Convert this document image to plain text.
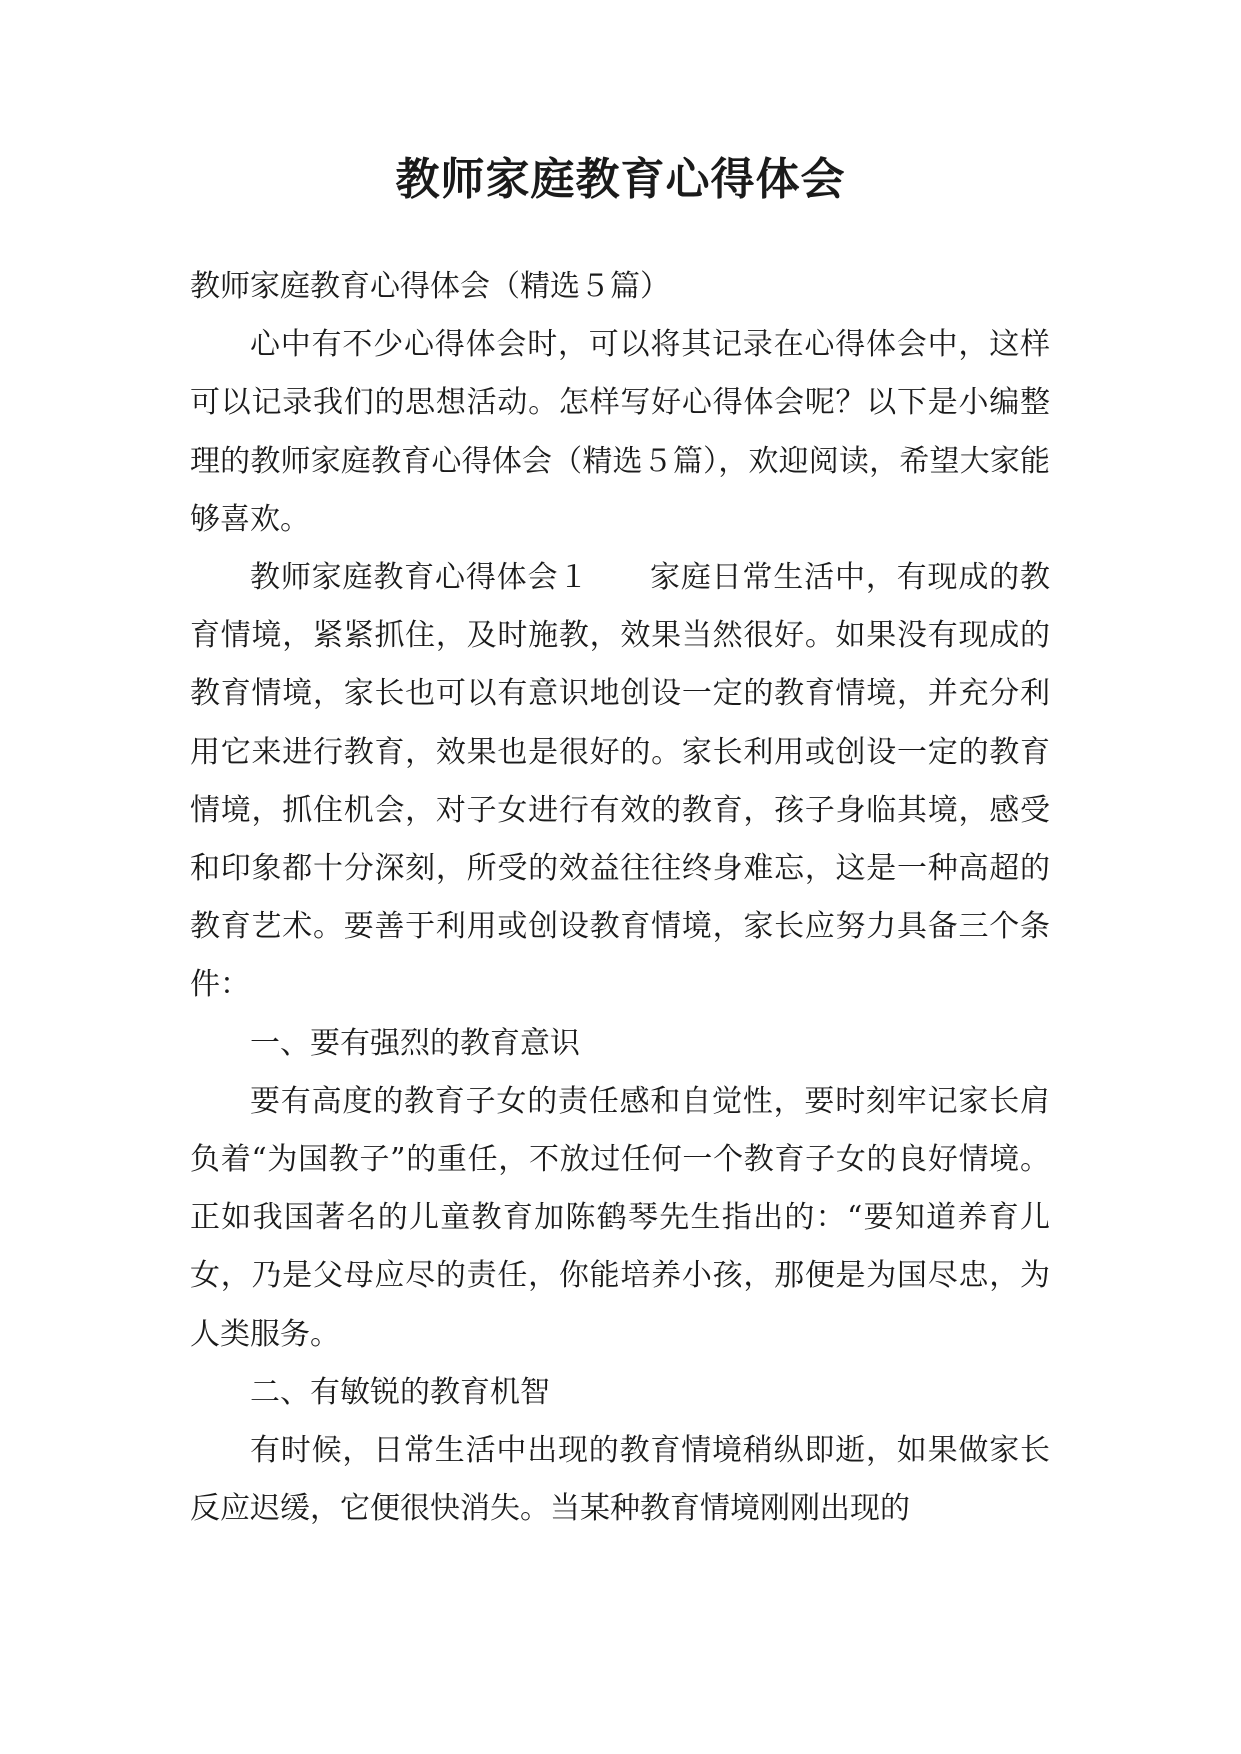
教师家庭教育心得体会

教师家庭教育心得体会（精选５篇）

心中有不少心得体会时，可以将其记录在心得体会中，这样可以记录我们的思想活动。怎样写好心得体会呢？以下是小编整理的教师家庭教育心得体会（精选５篇），欢迎阅读，希望大家能够喜欢。

教师家庭教育心得体会１ 家庭日常生活中，有现成的教育情境，紧紧抓住，及时施教，效果当然很好。如果没有现成的教育情境，家长也可以有意识地创设一定的教育情境，并充分利用它来进行教育，效果也是很好的。家长利用或创设一定的教育情境，抓住机会，对子女进行有效的教育，孩子身临其境，感受和印象都十分深刻，所受的效益往往终身难忘，这是一种高超的教育艺术。要善于利用或创设教育情境，家长应努力具备三个条件：

一、要有强烈的教育意识

要有高度的教育子女的责任感和自觉性，要时刻牢记家长肩负着“为国教子”的重任，不放过任何一个教育子女的良好情境。正如我国著名的儿童教育加陈鹤琴先生指出的：“要知道养育儿女，乃是父母应尽的责任，你能培养小孩，那便是为国尽忠，为人类服务。

二、有敏锐的教育机智

有时候，日常生活中出现的教育情境稍纵即逝，如果做家长反应迟缓，它便很快消失。当某种教育情境刚刚出现的
